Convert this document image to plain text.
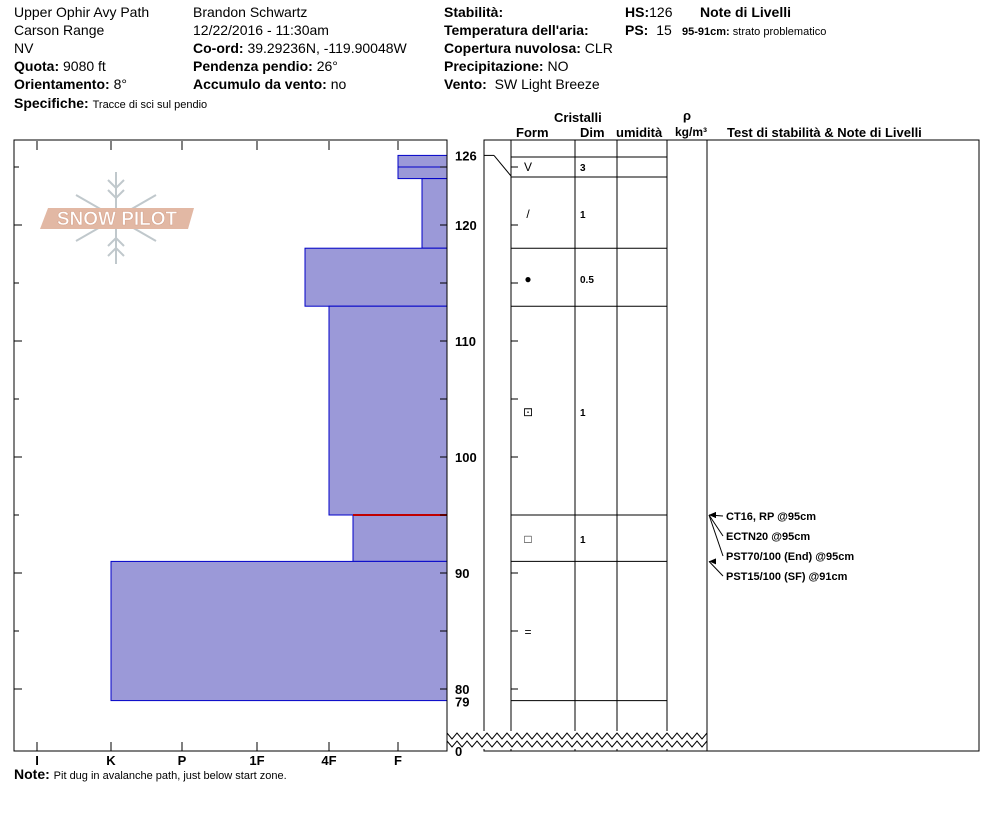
Upper Ophir Avy Path
Carson Range
NV
Quota: 9080 ft
Orientamento: 8°
Specifiche: Tracce di sci sul pendio
Brandon Schwartz
12/22/2016 - 11:30am
Co-ord: 39.29236N, -119.90048W
Pendenza pendio: 26°
Accumulo da vento: no
Stabilità:
Temperatura dell'aria:
Copertura nuvolosa: CLR
Precipitazione: NO
Vento: SW Light Breeze
HS:126
PS: 15
Note di Livelli
95-91cm: strato problematico
Cristalli
Form Dim umidità
ρ
kg/m³ Test di stabilità & Note di Livelli
Note: Pit dug in avalanche path, just below start zone.
SNOW PILOT
80
90
100
110
120
126
79
0
I	K	P	1F	4F	F
V	3
/	1
●	0.5
⊡	1
□	1
=
CT16, RP @95cm
ECTN20 @95cm
PST70/100 (End) @95cm
PST15/100 (SF) @91cm
